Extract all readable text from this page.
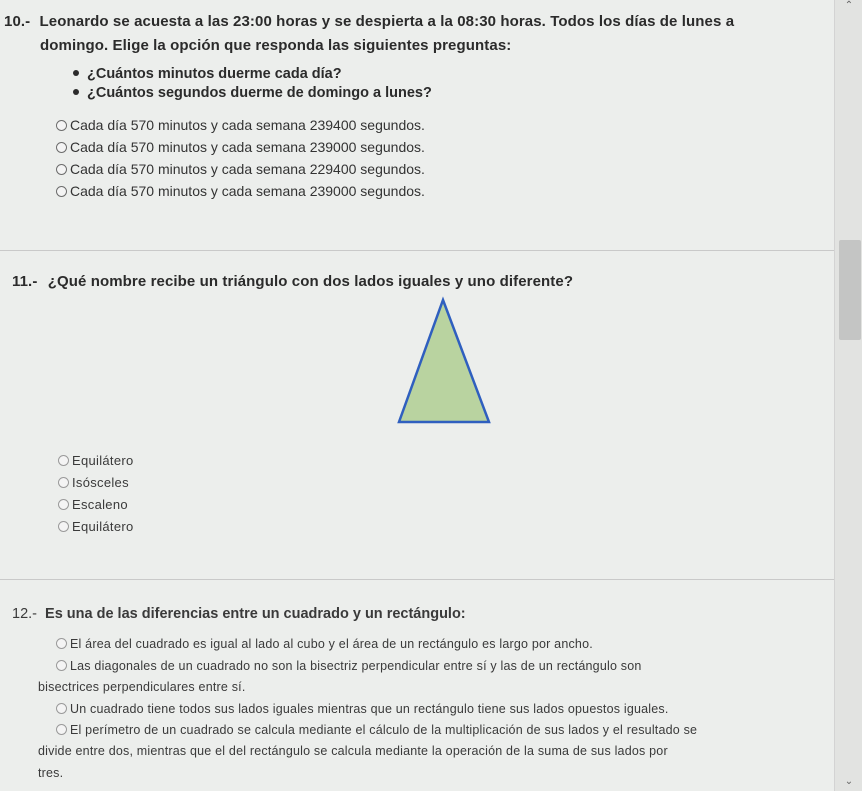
10.- Leonardo se acuesta a las 23:00 horas y se despierta a la 08:30 horas. Todos los días de lunes a
domingo. Elige la opción que responda las siguientes preguntas:
¿Cuántos minutos duerme cada día?
¿Cuántos segundos duerme de domingo a lunes?
Cada día 570 minutos y cada semana 239400 segundos.
Cada día 570 minutos y cada semana 239000 segundos.
Cada día 570 minutos y cada semana 229400 segundos.
Cada día 570 minutos y cada semana 239000 segundos.
11.- ¿Qué nombre recibe un triángulo con dos lados iguales y uno diferente?
Equilátero
Isósceles
Escaleno
Equilátero
12.- Es una de las diferencias entre un cuadrado y un rectángulo:
El área del cuadrado es igual al lado al cubo y el área de un rectángulo es largo por ancho.
Las diagonales de un cuadrado no son la bisectriz perpendicular entre sí y las de un rectángulo son
bisectrices perpendiculares entre sí.
Un cuadrado tiene todos sus lados iguales mientras que un rectángulo tiene sus lados opuestos iguales.
El perímetro de un cuadrado se calcula mediante el cálculo de la multiplicación de sus lados y el resultado se
divide entre dos, mientras que el del rectángulo se calcula mediante la operación de la suma de sus lados por
tres.
⌃
⌄
